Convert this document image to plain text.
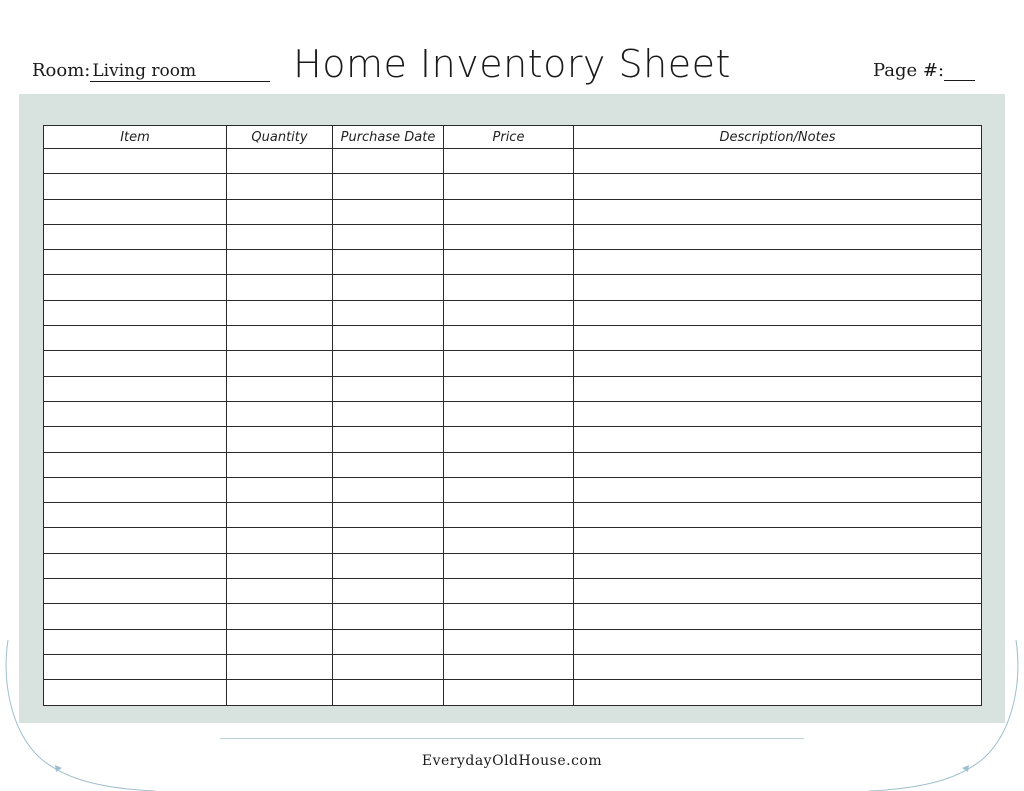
Room: Living room	Home Inventory Sheet	Page #:
Item	Quantity	Purchase Date	Price	Description/Notes

EverydayOldHouse.com
